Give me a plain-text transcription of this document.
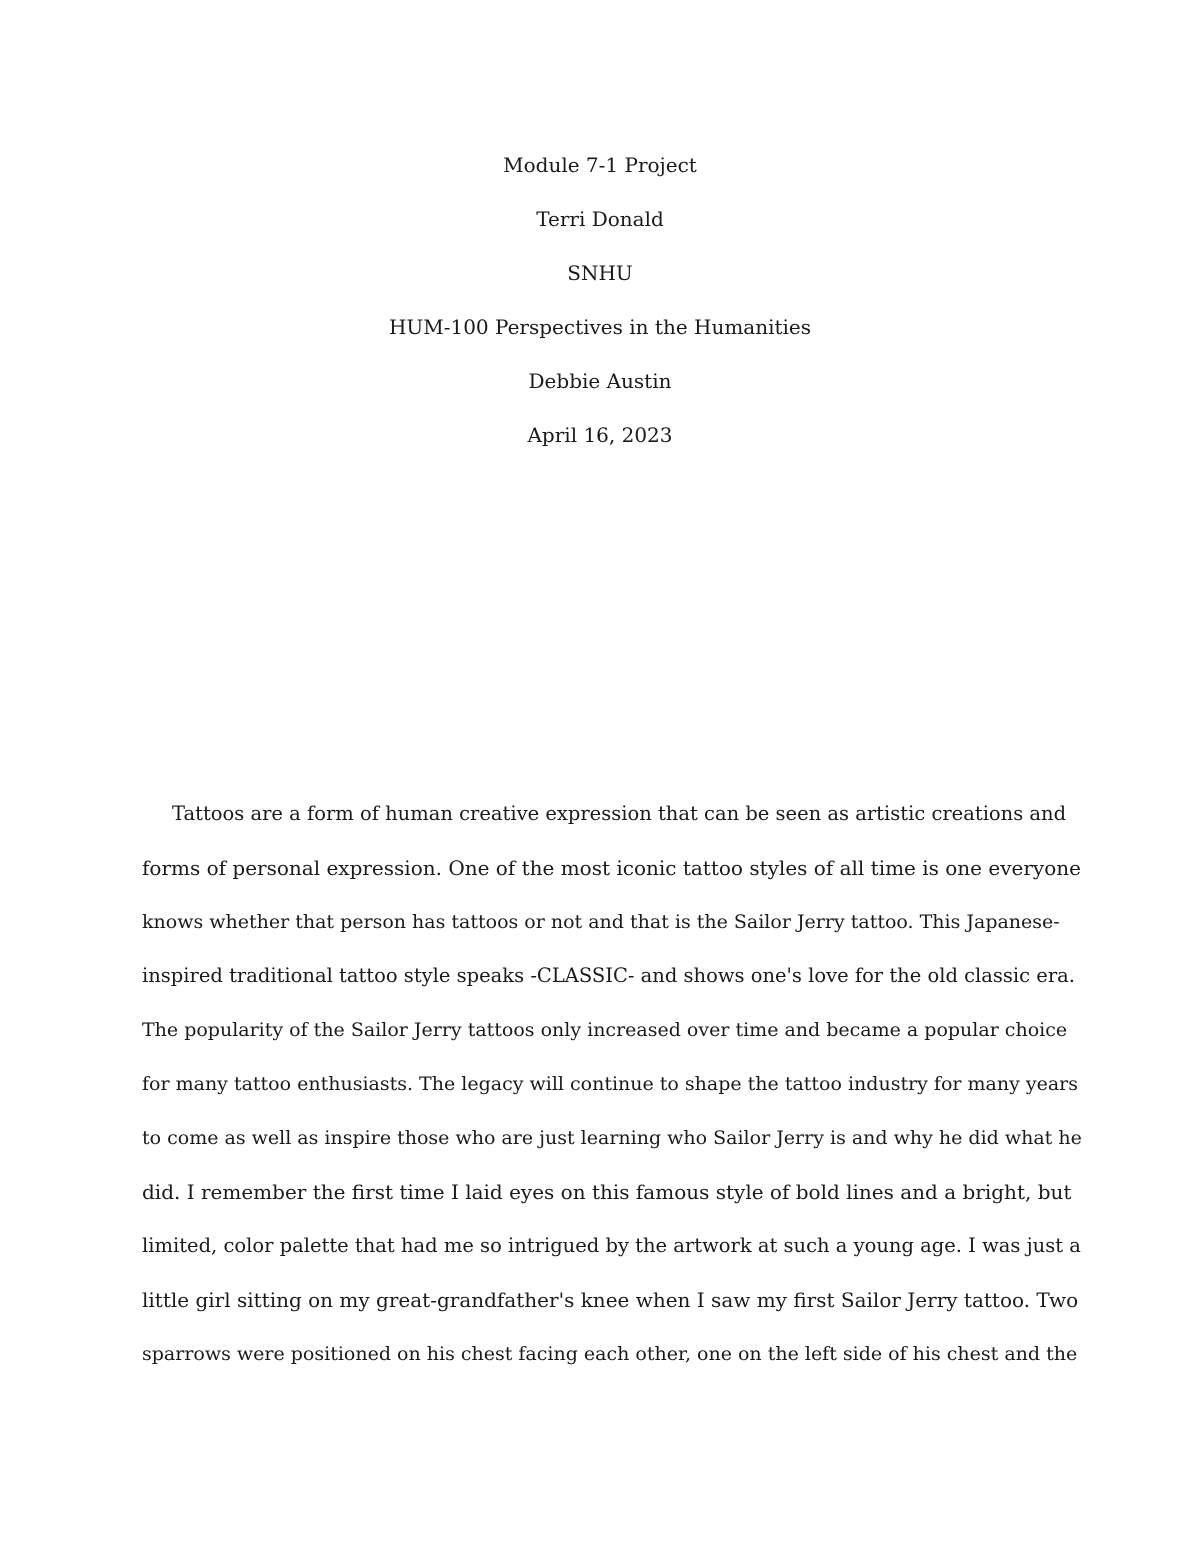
Module 7-1 Project
Terri Donald
SNHU
HUM-100 Perspectives in the Humanities
Debbie Austin
April 16, 2023
Tattoos are a form of human creative expression that can be seen as artistic creations and
forms of personal expression. One of the most iconic tattoo styles of all time is one everyone
knows whether that person has tattoos or not and that is the Sailor Jerry tattoo. This Japanese-
inspired traditional tattoo style speaks -CLASSIC- and shows one's love for the old classic era.
The popularity of the Sailor Jerry tattoos only increased over time and became a popular choice
for many tattoo enthusiasts. The legacy will continue to shape the tattoo industry for many years
to come as well as inspire those who are just learning who Sailor Jerry is and why he did what he
did. I remember the first time I laid eyes on this famous style of bold lines and a bright, but
limited, color palette that had me so intrigued by the artwork at such a young age. I was just a
little girl sitting on my great-grandfather's knee when I saw my first Sailor Jerry tattoo. Two
sparrows were positioned on his chest facing each other, one on the left side of his chest and the
